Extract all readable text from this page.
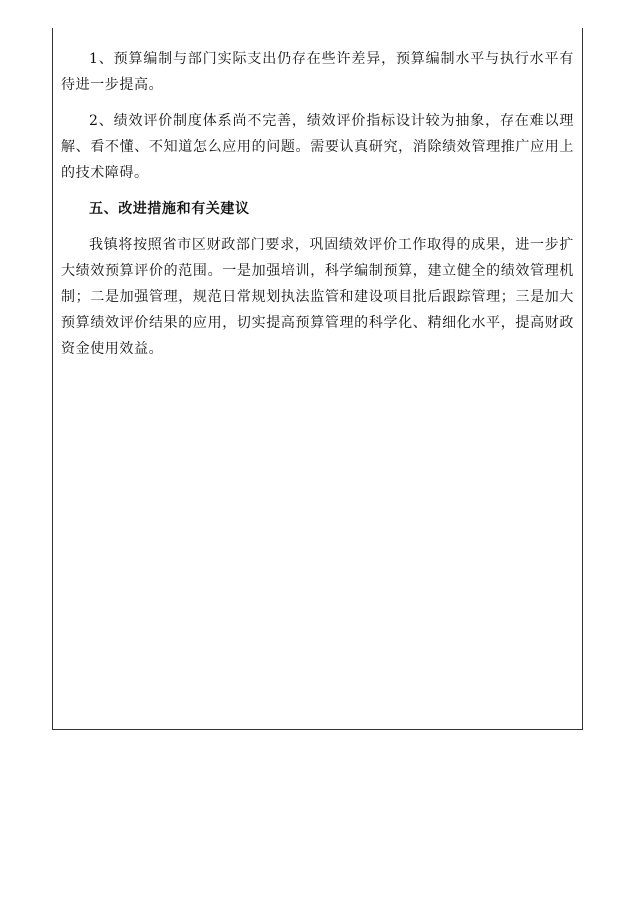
1、预算编制与部门实际支出仍存在些许差异，预算编制水平与执行水平有待进一步提高。

2、绩效评价制度体系尚不完善，绩效评价指标设计较为抽象，存在难以理解、看不懂、不知道怎么应用的问题。需要认真研究，消除绩效管理推广应用上的技术障碍。

五、改进措施和有关建议

我镇将按照省市区财政部门要求，巩固绩效评价工作取得的成果，进一步扩大绩效预算评价的范围。一是加强培训，科学编制预算，建立健全的绩效管理机制；二是加强管理，规范日常规划执法监管和建设项目批后跟踪管理；三是加大预算绩效评价结果的应用，切实提高预算管理的科学化、精细化水平，提高财政资金使用效益。
